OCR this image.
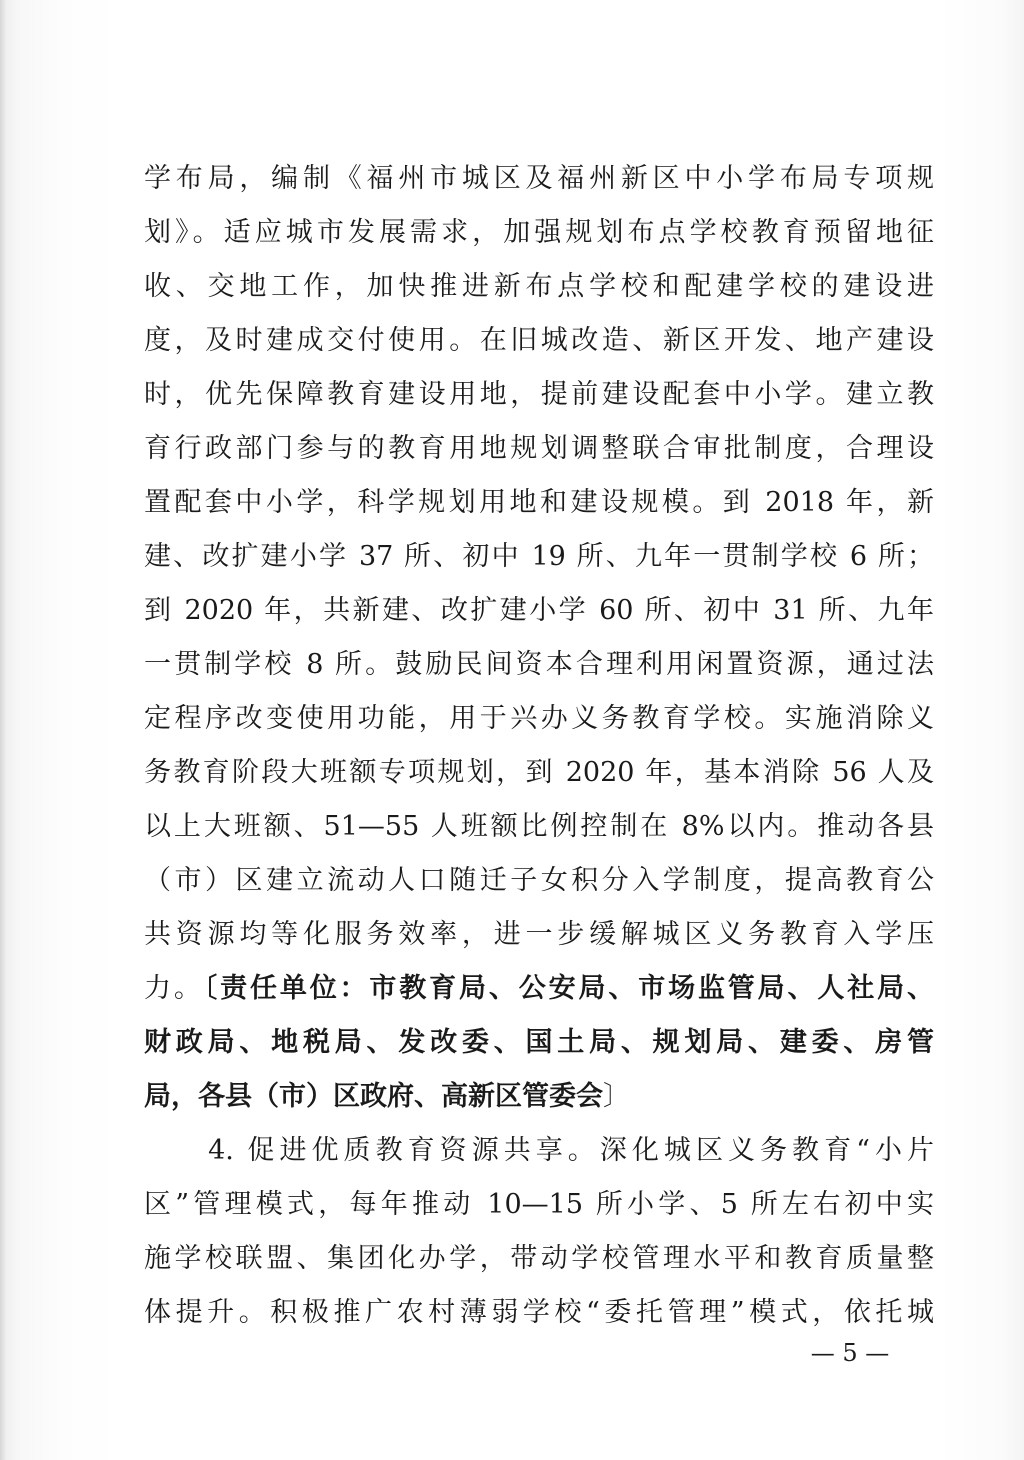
学布局，编制《福州市城区及福州新区中小学布局专项规
划》。适应城市发展需求，加强规划布点学校教育预留地征
收、交地工作，加快推进新布点学校和配建学校的建设进
度，及时建成交付使用。在旧城改造、新区开发、地产建设
时，优先保障教育建设用地，提前建设配套中小学。建立教
育行政部门参与的教育用地规划调整联合审批制度，合理设
置配套中小学，科学规划用地和建设规模。到 2018 年，新
建、改扩建小学 37 所、初中 19 所、九年一贯制学校 6 所；
到 2020 年，共新建、改扩建小学 60 所、初中 31 所、九年
一贯制学校 8 所。鼓励民间资本合理利用闲置资源，通过法
定程序改变使用功能，用于兴办义务教育学校。实施消除义
务教育阶段大班额专项规划，到 2020 年，基本消除 56 人及
以上大班额、51—55 人班额比例控制在 8%以内。推动各县
（市）区建立流动人口随迁子女积分入学制度，提高教育公
共资源均等化服务效率，进一步缓解城区义务教育入学压
力。〔责任单位：市教育局、公安局、市场监管局、人社局、
财政局、地税局、发改委、国土局、规划局、建委、房管
局，各县（市）区政府、高新区管委会〕
　　4. 促进优质教育资源共享。深化城区义务教育“小片
区”管理模式，每年推动 10—15 所小学、5 所左右初中实
施学校联盟、集团化办学，带动学校管理水平和教育质量整
体提升。积极推广农村薄弱学校“委托管理”模式，依托城
— 5 —
